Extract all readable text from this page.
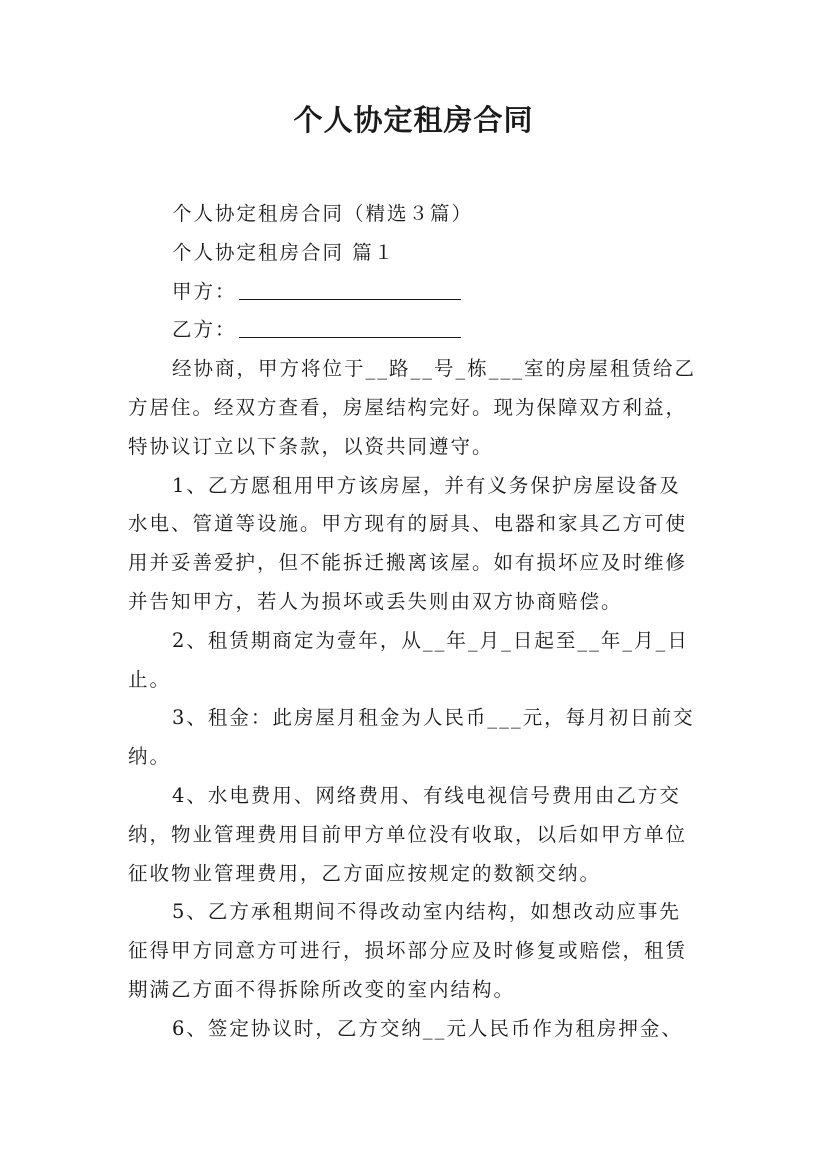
个人协定租房合同
个人协定租房合同（精选３篇）
个人协定租房合同 篇１
甲方：
乙方：
经协商，甲方将位于__路__号_栋___室的房屋租赁给乙
方居住。经双方查看，房屋结构完好。现为保障双方利益，
特协议订立以下条款，以资共同遵守。
1、乙方愿租用甲方该房屋，并有义务保护房屋设备及
水电、管道等设施。甲方现有的厨具、电器和家具乙方可使
用并妥善爱护，但不能拆迁搬离该屋。如有损坏应及时维修
并告知甲方，若人为损坏或丢失则由双方协商赔偿。
2、租赁期商定为壹年，从__年_月_日起至__年_月_日
止。
3、租金：此房屋月租金为人民币___元，每月初日前交
纳。
4、水电费用、网络费用、有线电视信号费用由乙方交
纳，物业管理费用目前甲方单位没有收取，以后如甲方单位
征收物业管理费用，乙方面应按规定的数额交纳。
5、乙方承租期间不得改动室内结构，如想改动应事先
征得甲方同意方可进行，损坏部分应及时修复或赔偿，租赁
期满乙方面不得拆除所改变的室内结构。
6、签定协议时，乙方交纳__元人民币作为租房押金、
